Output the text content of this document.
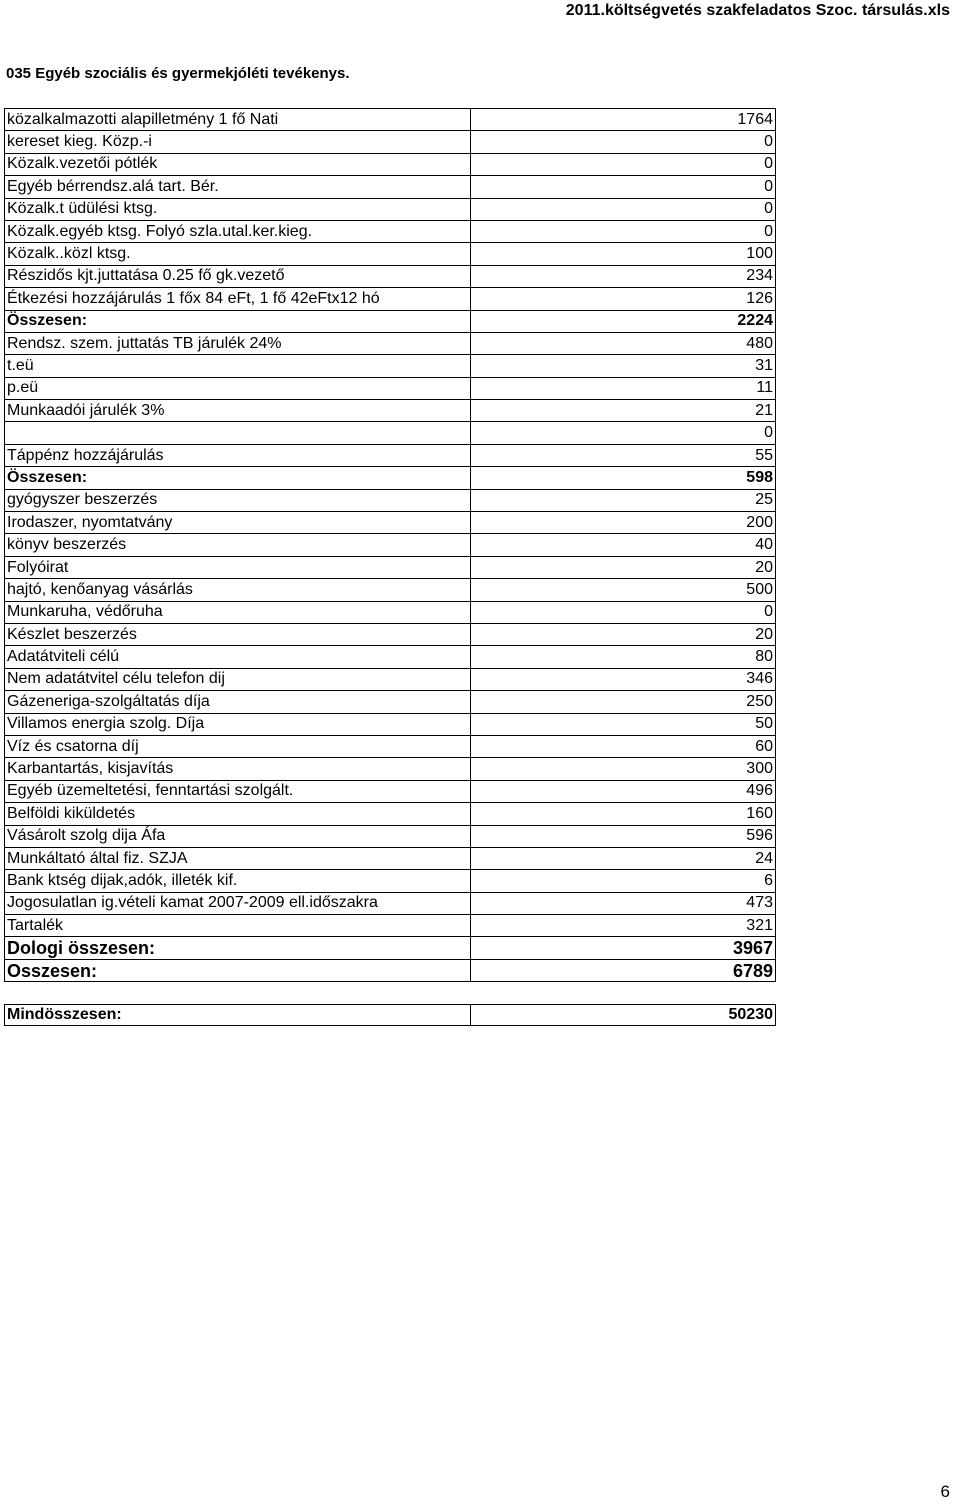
2011.költségvetés szakfeladatos Szoc. társulás.xls
035 Egyéb szociális és gyermekjóléti tevékenys.
közalkalmazotti alapilletmény 1 fő Nati	1764
kereset kieg. Közp.-i	0
Közalk.vezetői pótlék	0
Egyéb bérrendsz.alá tart. Bér.	0
Közalk.t üdülési ktsg.	0
Közalk.egyéb ktsg. Folyó szla.utal.ker.kieg.	0
Közalk..közl ktsg.	100
Részidős kjt.juttatása 0.25 fő gk.vezető	234
Étkezési hozzájárulás 1 főx 84 eFt, 1 fő 42eFtx12 hó	126
Összesen:	2224
Rendsz. szem. juttatás TB járulék 24%	480
t.eü	31
p.eü	11
Munkaadói járulék 3%	21
	0
Táppénz hozzájárulás	55
Összesen:	598
gyógyszer beszerzés	25
Irodaszer, nyomtatvány	200
könyv beszerzés	40
Folyóirat	20
hajtó, kenőanyag vásárlás	500
Munkaruha, védőruha	0
Készlet beszerzés	20
Adatátviteli célú	80
Nem adatátvitel célu telefon dij	346
Gázeneriga-szolgáltatás díja	250
Villamos energia szolg. Díja	50
Víz és csatorna díj	60
Karbantartás, kisjavítás	300
Egyéb üzemeltetési, fenntartási szolgált.	496
Belföldi kiküldetés	160
Vásárolt szolg dija Áfa	596
Munkáltató által fiz. SZJA	24
Bank ktség dijak,adók, illeték kif.	6
Jogosulatlan ig.vételi kamat 2007-2009 ell.időszakra	473
Tartalék	321
Dologi összesen:	3967
Osszesen:	6789
Mindösszesen:	50230
6
